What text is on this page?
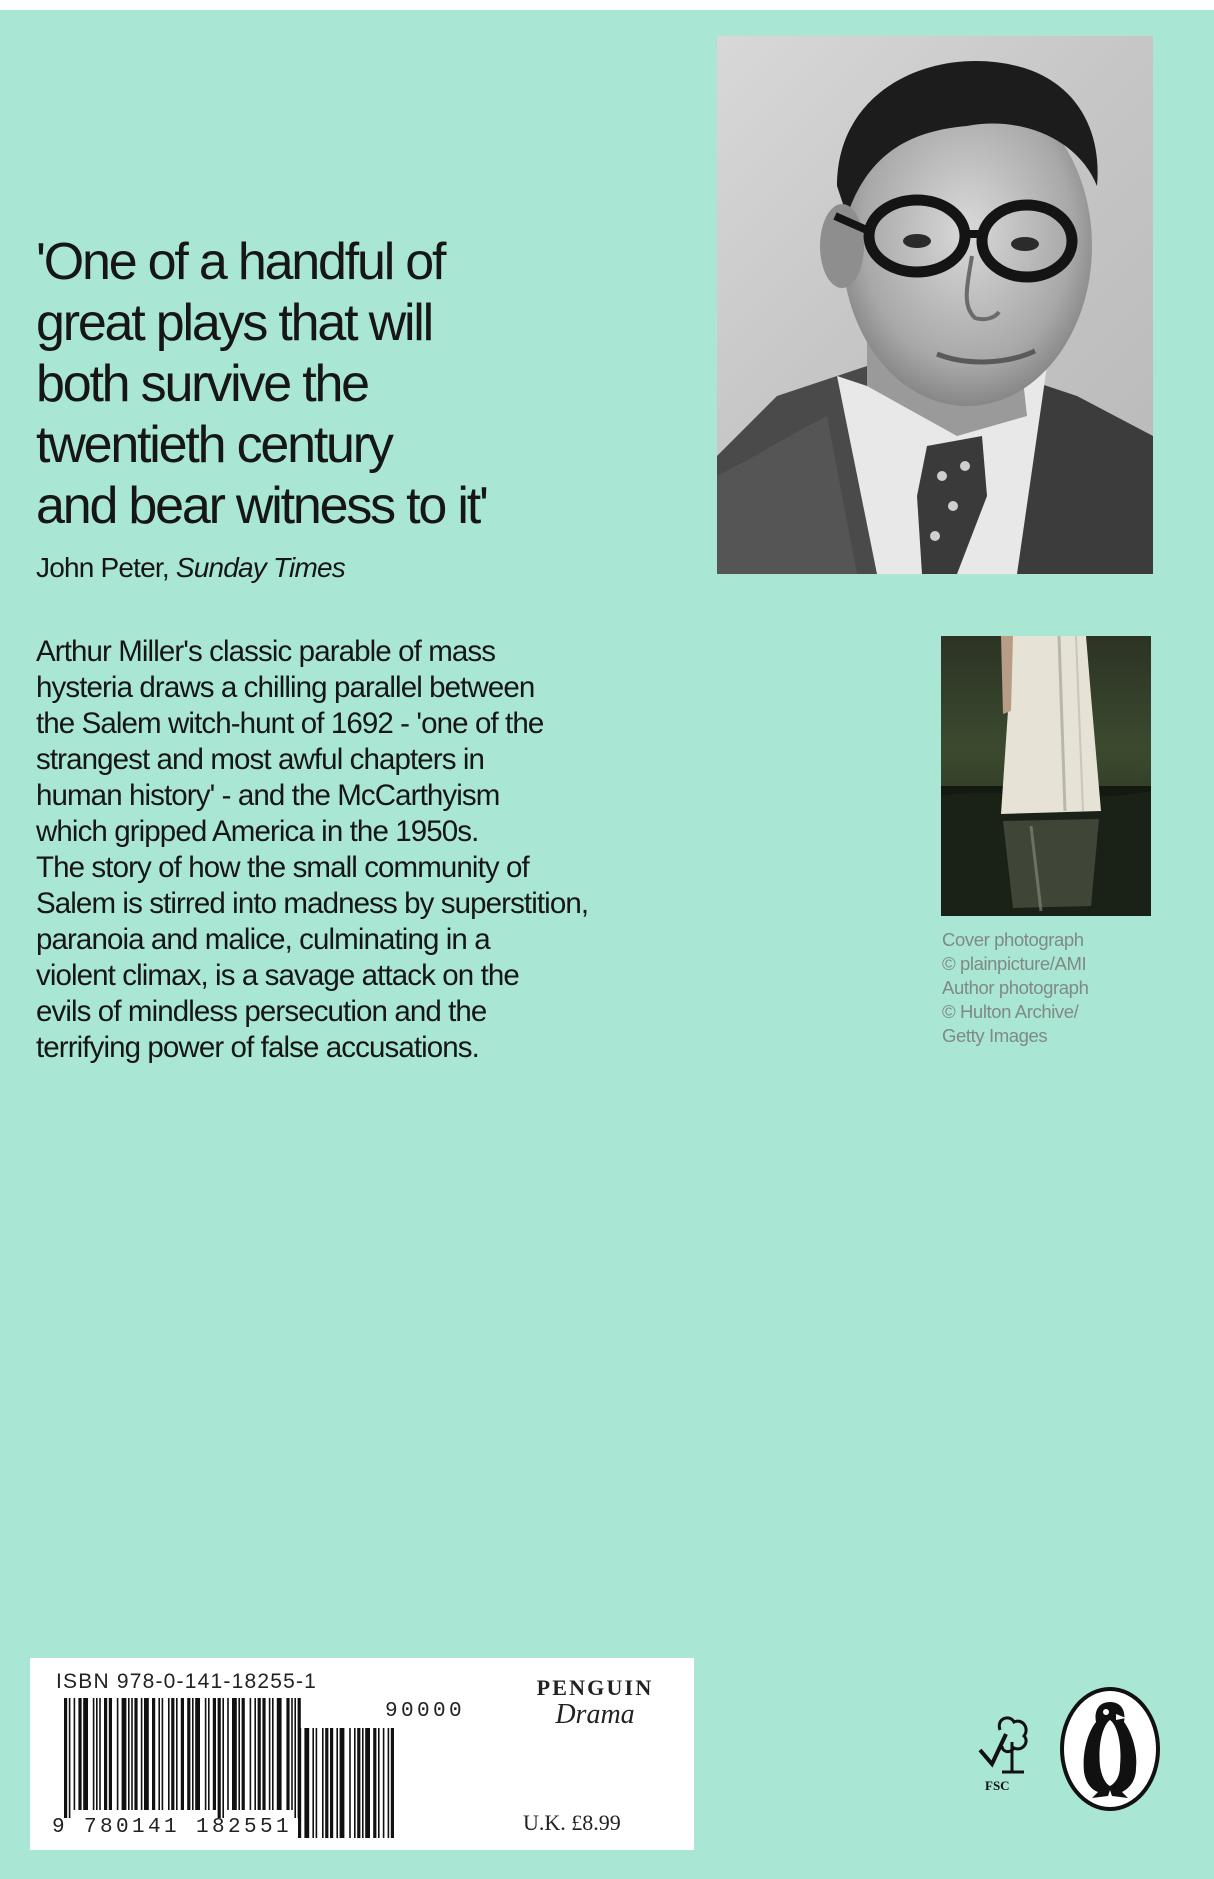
'One of a handful of
great plays that will
both survive the
twentieth century
and bear witness to it'
John Peter, Sunday Times
Arthur Miller's classic parable of mass
hysteria draws a chilling parallel between
the Salem witch-hunt of 1692 - 'one of the
strangest and most awful chapters in
human history' - and the McCarthyism
which gripped America in the 1950s.
The story of how the small community of
Salem is stirred into madness by superstition,
paranoia and malice, culminating in a
violent climax, is a savage attack on the
evils of mindless persecution and the
terrifying power of false accusations.
Cover photograph
© plainpicture/AMI
Author photograph
© Hulton Archive/
Getty Images
ISBN 978-0-141-18255-1
9 780141 182551
90000
PENGUIN
Drama
U.K. £8.99
FSC
